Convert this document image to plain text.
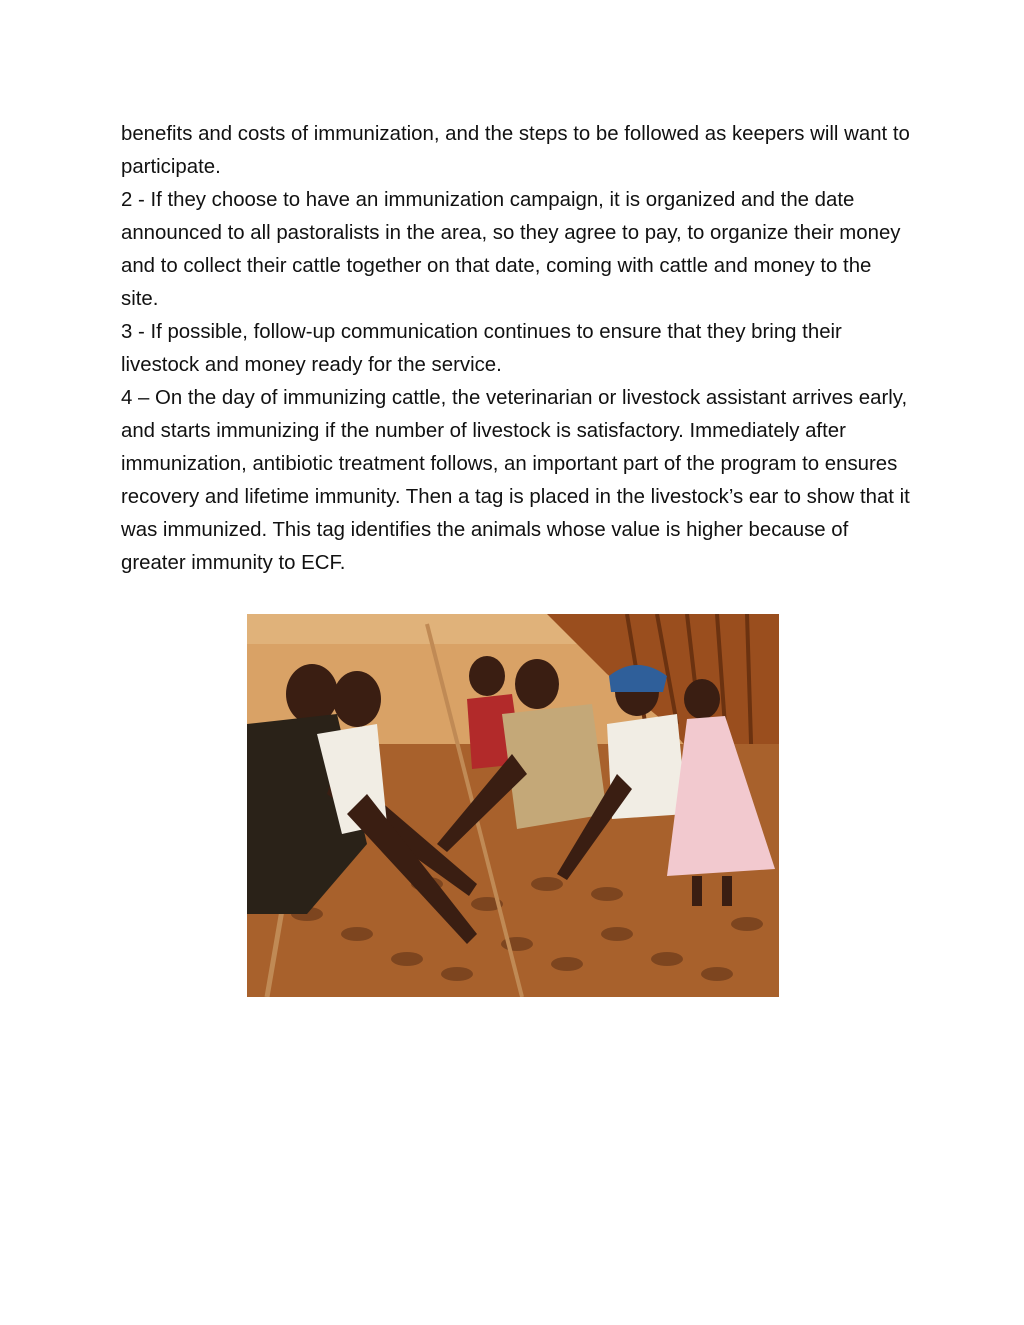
benefits and costs of immunization, and the steps to be followed as keepers will want to participate.

2 - If they choose to have an immunization campaign, it is organized and the date announced to all pastoralists in the area, so they agree to pay, to organize their money and to collect their cattle together on that date, coming with cattle and money to the site.

3 - If possible, follow-up communication continues to ensure that they bring their livestock and money ready for the service.

4 – On the day of immunizing cattle, the veterinarian or livestock assistant arrives early, and starts immunizing if the number of livestock is satisfactory. Immediately after immunization, antibiotic treatment follows, an important part of the program to ensures recovery and lifetime immunity. Then a tag is placed in the livestock’s ear to show that it was immunized. This tag identifies the animals whose value is higher because of greater immunity to ECF.
